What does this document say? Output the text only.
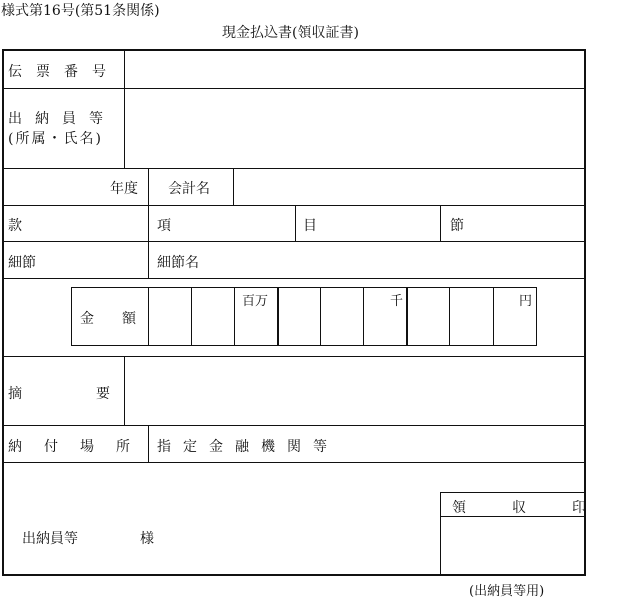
様式第16号(第51条関係)
現金払込書(領収証書)
伝票番号
出納員等
(所属・氏名)
年度 会計名
款	項	目	節
細節	細節名
金額
百万	千	円
摘要
納付場所 指定金融機関等
出納員等	様
領収印
(出納員等用)
